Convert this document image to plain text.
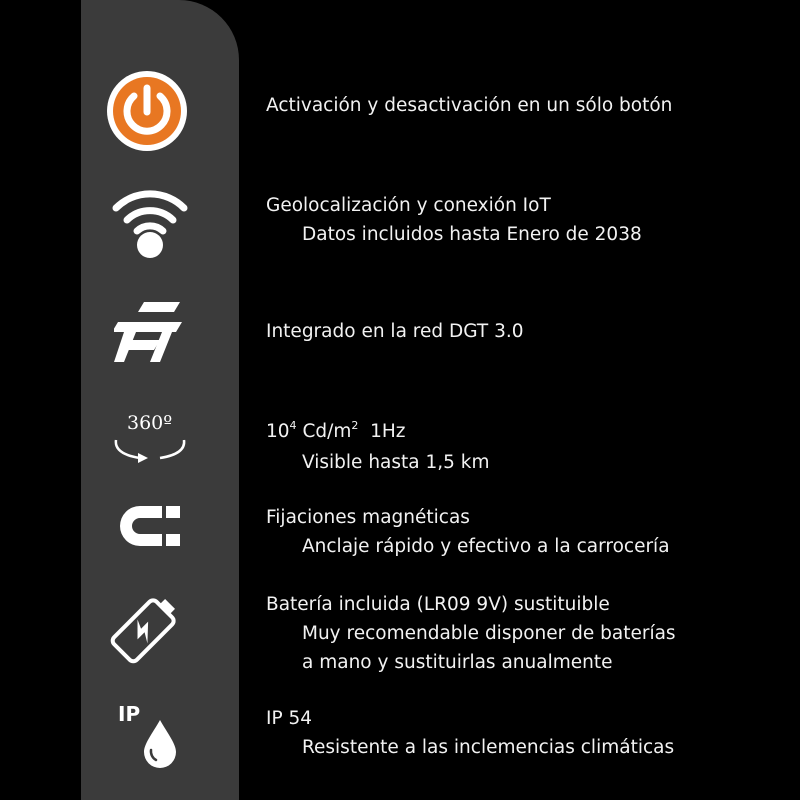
360º
IP
Activación y desactivación en un sólo botón
Geolocalización y conexión IoT
Datos incluidos hasta Enero de 2038
Integrado en la red DGT 3.0
$10^4$ $Cd/m^2$ 1Hz
Visible hasta 1,5 km
Fijaciones magnéticas
Anclaje rápido y efectivo a la carrocería
Batería incluida (LR09 9V) sustituible
Muy recomendable disponer de baterías
a mano y sustituirlas anualmente
IP 54
Resistente a las inclemencias climáticas
